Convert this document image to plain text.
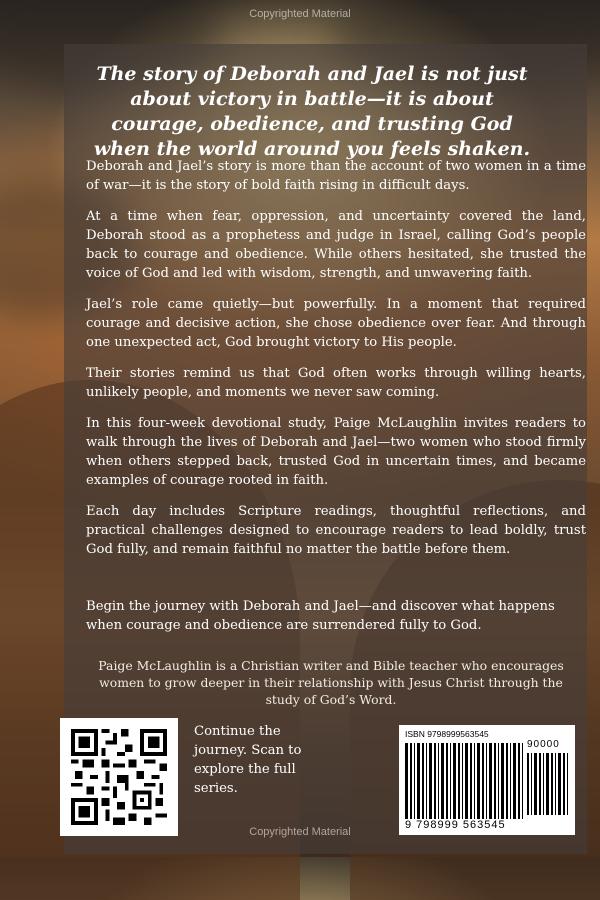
Copyrighted Material
The story of Deborah and Jael is not just about victory in battle—it is about courage, obedience, and trusting God when the world around you feels shaken.

Deborah and Jael’s story is more than the account of two women in a time of war—it is the story of bold faith rising in difficult days.

At a time when fear, oppression, and uncertainty covered the land, Deborah stood as a prophetess and judge in Israel, calling God’s people back to courage and obedience. While others hesitated, she trusted the voice of God and led with wisdom, strength, and unwavering faith.

Jael’s role came quietly—but powerfully. In a moment that required courage and decisive action, she chose obedience over fear. And through one unexpected act, God brought victory to His people.

Their stories remind us that God often works through willing hearts, unlikely people, and moments we never saw coming.

In this four-week devotional study, Paige McLaughlin invites readers to walk through the lives of Deborah and Jael—two women who stood firmly when others stepped back, trusted God in uncertain times, and became examples of courage rooted in faith.

Each day includes Scripture readings, thoughtful reflections, and practical challenges designed to encourage readers to lead boldly, trust God fully, and remain faithful no matter the battle before them.

Begin the journey with Deborah and Jael—and discover what happens when courage and obedience are surrendered fully to God.
Paige McLaughlin is a Christian writer and Bible teacher who encourages women to grow deeper in their relationship with Jesus Christ through the study of God’s Word.
Continue the journey. Scan to explore the full series.
ISBN 9798999563545
90000
9 798999 563545
Copyrighted Material
